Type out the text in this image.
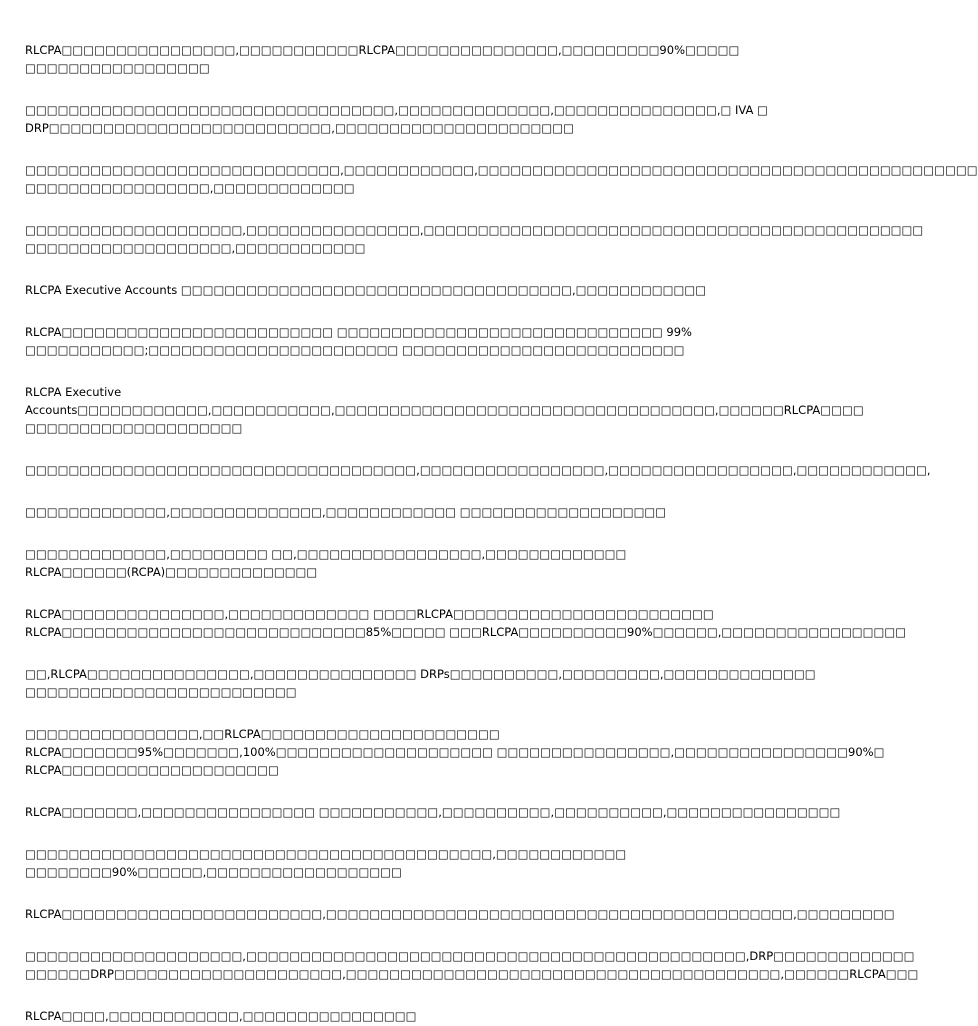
RLCPA□□□□□□□□□□□□□□□□,□□□□□□□□□□□RLCPA□□□□□□□□□□□□□□□,□□□□□□□□□90%□□□□□
□□□□□□□□□□□□□□□□□
□□□□□□□□□□□□□□□□□□□□□□□□□□□□□□□□□□,□□□□□□□□□□□□□□,□□□□□□□□□□□□□□□,□ IVA □
DRP□□□□□□□□□□□□□□□□□□□□□□□□□□,□□□□□□□□□□□□□□□□□□□□□□
□□□□□□□□□□□□□□□□□□□□□□□□□□□□□,□□□□□□□□□□□□,□□□□□□□□□□□□□□□□□□□□□□□□□□□□□□□□□□□□□□□□□□□□□□
□□□□□□□□□□□□□□□□□,□□□□□□□□□□□□□
□□□□□□□□□□□□□□□□□□□□,□□□□□□□□□□□□□□□□,□□□□□□□□□□□□□□□□□□□□□□□□□□□□□□□□□□□□□□□□□□□□□□
□□□□□□□□□□□□□□□□□□□,□□□□□□□□□□□□
RLCPA Executive Accounts □□□□□□□□□□□□□□□□□□□□□□□□□□□□□□□□□□□□,□□□□□□□□□□□□
RLCPA□□□□□□□□□□□□□□□□□□□□□□□□□ □□□□□□□□□□□□□□□□□□□□□□□□□□□□□□ 99%
□□□□□□□□□□□;□□□□□□□□□□□□□□□□□□□□□□□ □□□□□□□□□□□□□□□□□□□□□□□□□□
RLCPA Executive
Accounts□□□□□□□□□□□□,□□□□□□□□□□□,□□□□□□□□□□□□□□□□□□□□□□□□□□□□□□□□□□□,□□□□□□RLCPA□□□□
□□□□□□□□□□□□□□□□□□□□
□□□□□□□□□□□□□□□□□□□□□□□□□□□□□□□□□□□□,□□□□□□□□□□□□□□□□□,□□□□□□□□□□□□□□□□□,□□□□□□□□□□□□,
□□□□□□□□□□□□□,□□□□□□□□□□□□□□,□□□□□□□□□□□□ □□□□□□□□□□□□□□□□□□□
□□□□□□□□□□□□□,□□□□□□□□□ □□,□□□□□□□□□□□□□□□□□,□□□□□□□□□□□□□
RLCPA□□□□□□(RCPA)□□□□□□□□□□□□□□
RLCPA□□□□□□□□□□□□□□□,□□□□□□□□□□□□□ □□□□RLCPA□□□□□□□□□□□□□□□□□□□□□□□□
RLCPA□□□□□□□□□□□□□□□□□□□□□□□□□□□□85%□□□□□ □□□RLCPA□□□□□□□□□□90%□□□□□□,□□□□□□□□□□□□□□□□□
□□,RLCPA□□□□□□□□□□□□□□□,□□□□□□□□□□□□□□□ DRPs□□□□□□□□□□,□□□□□□□□□,□□□□□□□□□□□□□□
□□□□□□□□□□□□□□□□□□□□□□□□□
□□□□□□□□□□□□□□□□,□□RLCPA□□□□□□□□□□□□□□□□□□□□□□
RLCPA□□□□□□□95%□□□□□□□,100%□□□□□□□□□□□□□□□□□□□□ □□□□□□□□□□□□□□□□,□□□□□□□□□□□□□□□□90%□
RLCPA□□□□□□□□□□□□□□□□□□□□
RLCPA□□□□□□□,□□□□□□□□□□□□□□□□ □□□□□□□□□□□,□□□□□□□□□□,□□□□□□□□□□,□□□□□□□□□□□□□□□□
□□□□□□□□□□□□□□□□□□□□□□□□□□□□□□□□□□□□□□□□□□□,□□□□□□□□□□□□
□□□□□□□□90%□□□□□□,□□□□□□□□□□□□□□□□□□
RLCPA□□□□□□□□□□□□□□□□□□□□□□□□,□□□□□□□□□□□□□□□□□□□□□□□□□□□□□□□□□□□□□□□□□□□,□□□□□□□□□
□□□□□□□□□□□□□□□□□□□□,□□□□□□□□□□□□□□□□□□□□□□□□□□□□□□□□□□□□□□□□□□□□□□,DRP□□□□□□□□□□□□□
□□□□□□DRP□□□□□□□□□□□□□□□□□□□□□,□□□□□□□□□□□□□□□□□□□□□□□□□□□□□□□□□□□□□□□□,□□□□□□RLCPA□□□
RLCPA□□□□,□□□□□□□□□□□□,□□□□□□□□□□□□□□□□
